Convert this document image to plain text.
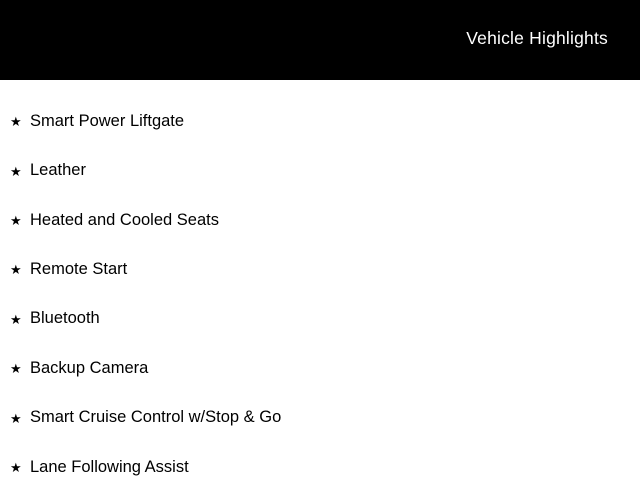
Vehicle Highlights
★ Smart Power Liftgate
★ Leather
★ Heated and Cooled Seats
★ Remote Start
★ Bluetooth
★ Backup Camera
★ Smart Cruise Control w/Stop & Go
★ Lane Following Assist
